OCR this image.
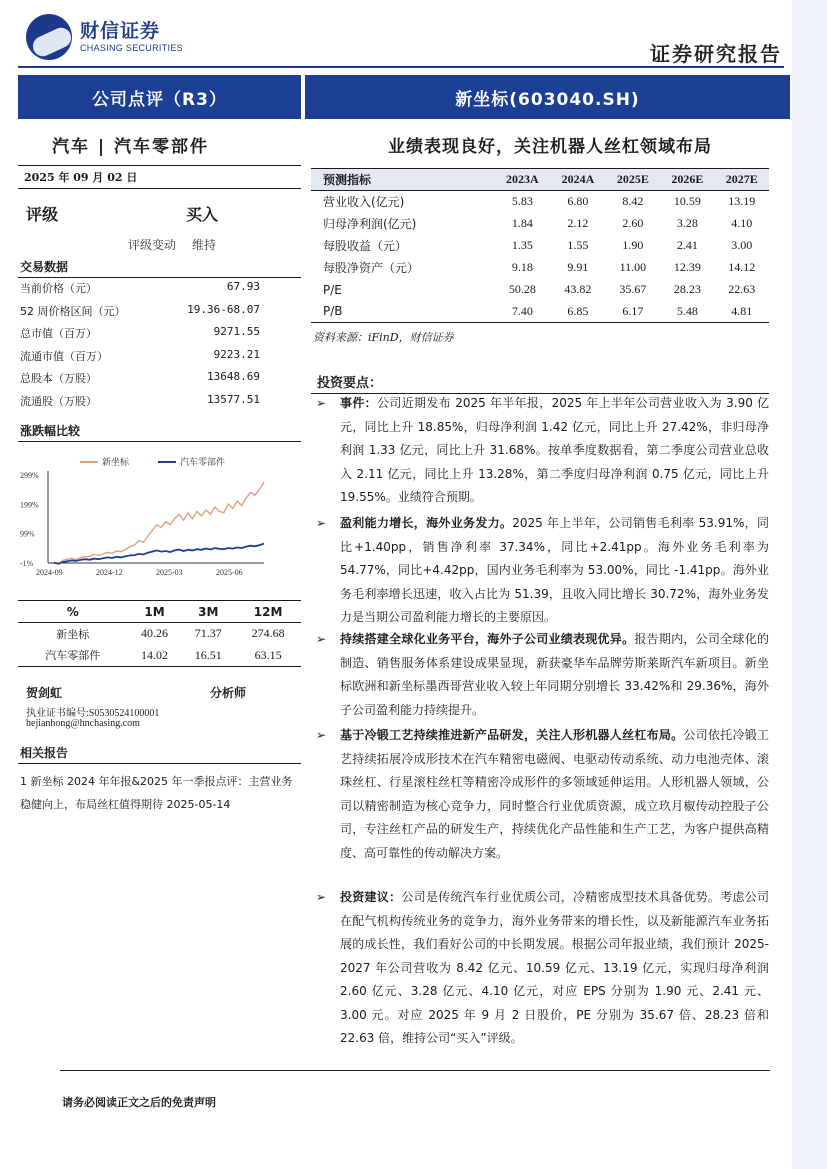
财信证券
CHASING SECURITIES	证券研究报告
公司点评（R3）	新坐标(603040.SH)
汽车 | 汽车零部件	业绩表现良好，关注机器人丝杠领域布局
2025 年 09 月 02 日
评级	买入
评级变动 维持
交易数据
当前价格（元）	67.93
52 周价格区间（元）	19.36-68.07
总市值（百万）	9271.55
流通市值（百万）	9223.21
总股本（万股）	13648.69
流通股（万股）	13577.51
涨跌幅比较
299%
199%
99%
-1%
2024-09	2024-12	2025-03	2025-06
新坐标	汽车零部件
%	1M	3M	12M
新坐标	40.26	71.37	274.68
汽车零部件	14.02	16.51	63.15
贺剑虹	分析师
执业证书编号:S0530524100001
hejianhong@hnchasing.com
相关报告
1 新坐标 2024 年年报&2025 年一季报点评：主营业务稳健向上，布局丝杠值得期待 2025-05-14
预测指标	2023A	2024A	2025E	2026E	2027E
营业收入(亿元)	5.83	6.80	8.42	10.59	13.19
归母净利润(亿元)	1.84	2.12	2.60	3.28	4.10
每股收益（元）	1.35	1.55	1.90	2.41	3.00
每股净资产（元）	9.18	9.91	11.00	12.39	14.12
P/E	50.28	43.82	35.67	28.23	22.63
P/B	7.40	6.85	6.17	5.48	4.81
资料来源：iFinD，财信证券
投资要点：
➢ 事件：公司近期发布 2025 年半年报，2025 年上半年公司营业收入为 3.90 亿元，同比上升 18.85%，归母净利润 1.42 亿元，同比上升 27.42%，非归母净利润 1.33 亿元，同比上升 31.68%。按单季度数据看，第二季度公司营业总收入 2.11 亿元，同比上升 13.28%，第二季度归母净利润 0.75 亿元，同比上升 19.55%。业绩符合预期。
➢ 盈利能力增长，海外业务发力。2025 年上半年，公司销售毛利率 53.91%，同比+1.40pp，销售净利率 37.34%，同比+2.41pp。海外业务毛利率为 54.77%，同比+4.42pp，国内业务毛利率为 53.00%，同比 -1.41pp。海外业务毛利率增长迅速，收入占比为 51.39，且收入同比增长 30.72%，海外业务发力是当期公司盈利能力增长的主要原因。
➢ 持续搭建全球化业务平台，海外子公司业绩表现优异。报告期内，公司全球化的制造、销售服务体系建设成果显现，新获豪华车品牌劳斯莱斯汽车新项目。新坐标欧洲和新坐标墨西哥营业收入较上年同期分别增长 33.42%和 29.36%，海外子公司盈利能力持续提升。
➢ 基于冷锻工艺持续推进新产品研发，关注人形机器人丝杠布局。公司依托冷锻工艺持续拓展冷成形技术在汽车精密电磁阀、电驱动传动系统、动力电池壳体、滚珠丝杠、行星滚柱丝杠等精密冷成形件的多领域延伸运用。人形机器人领域，公司以精密制造为核心竞争力，同时整合行业优质资源，成立玖月椒传动控股子公司，专注丝杠产品的研发生产，持续优化产品性能和生产工艺，为客户提供高精度、高可靠性的传动解决方案。
➢ 投资建议：公司是传统汽车行业优质公司，冷精密成型技术具备优势。考虑公司在配气机构传统业务的竞争力，海外业务带来的增长性，以及新能源汽车业务拓展的成长性，我们看好公司的中长期发展。根据公司年报业绩，我们预计 2025-2027 年公司营收为 8.42 亿元、10.59 亿元、13.19 亿元，实现归母净利润 2.60 亿元、3.28 亿元、4.10 亿元，对应 EPS 分别为 1.90 元、2.41 元、3.00 元。对应 2025 年 9 月 2 日股价，PE 分别为 35.67 倍、28.23 倍和 22.63 倍，维持公司“买入”评级。
请务必阅读正文之后的免责声明
